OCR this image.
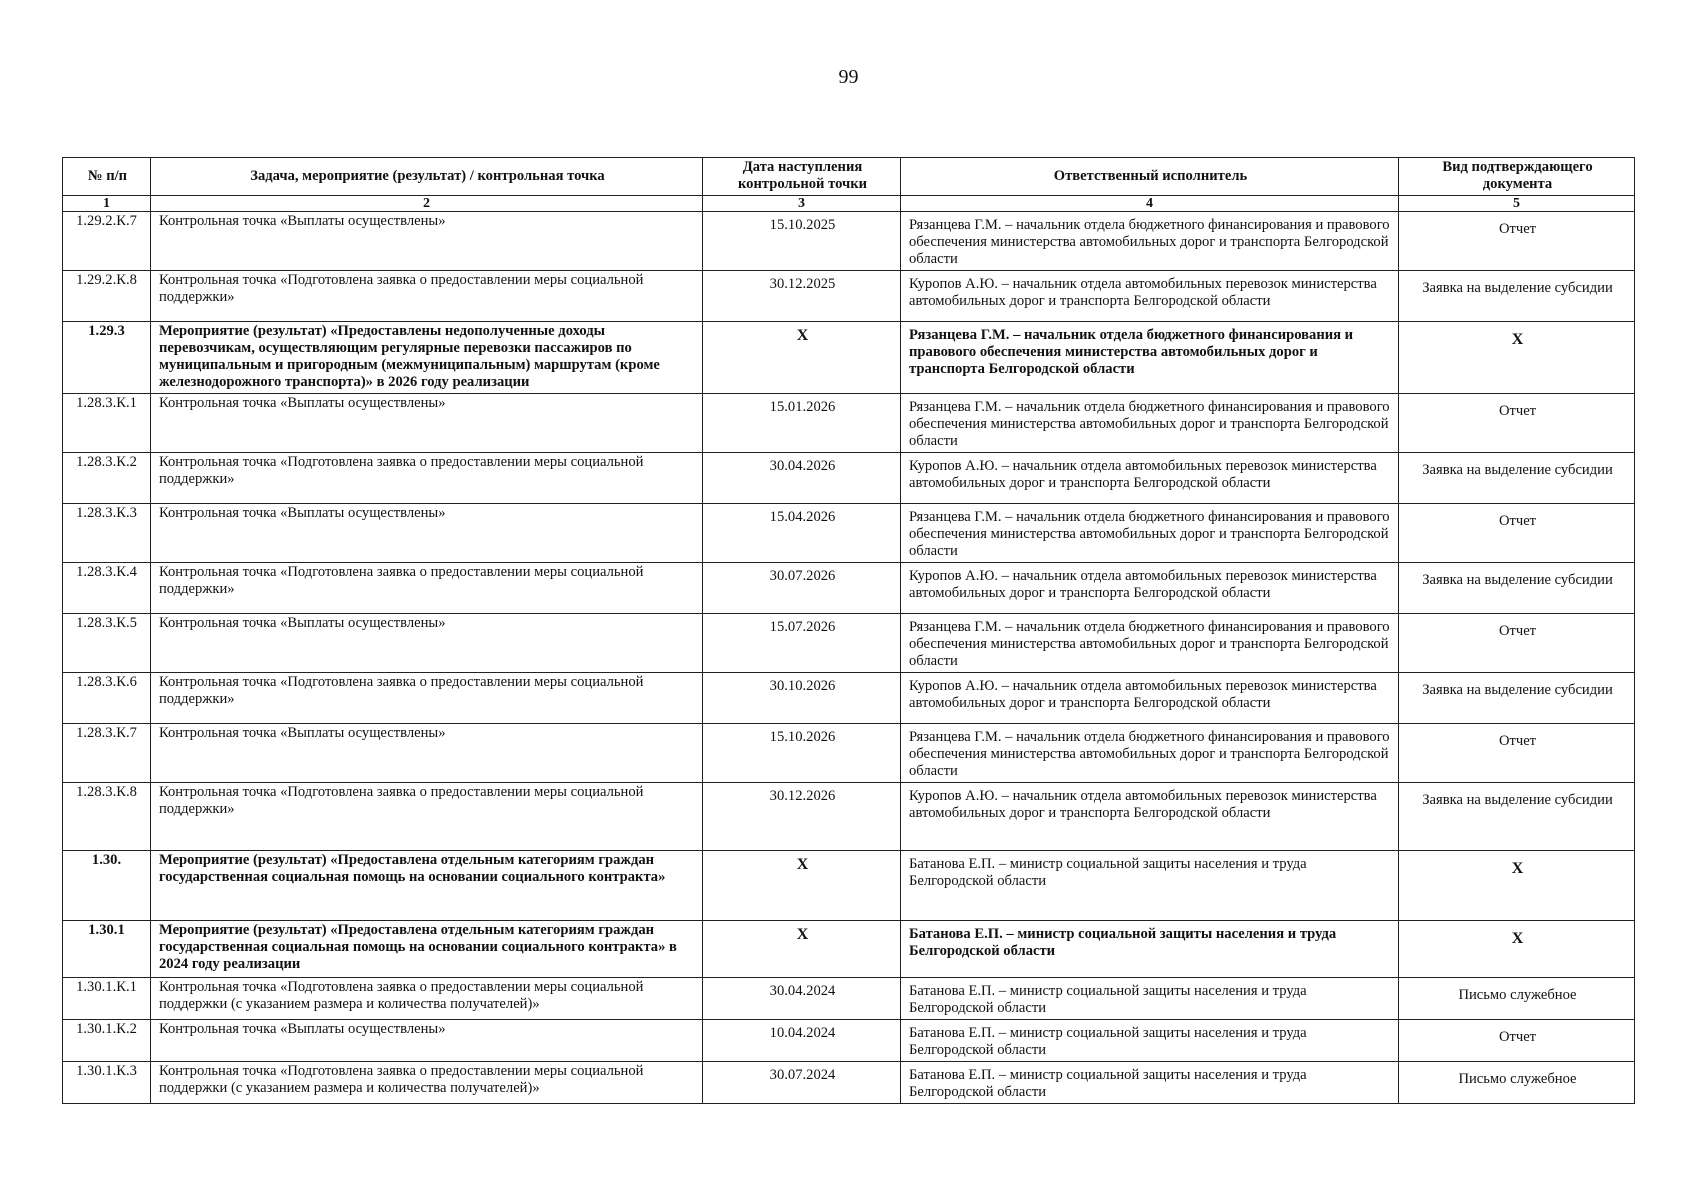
99
№ п/п	Задача, мероприятие (результат) / контрольная точка	Дата наступления контрольной точки	Ответственный исполнитель	Вид подтверждающего документа
1	2	3	4	5
1.29.2.К.7	Контрольная точка «Выплаты осуществлены»	15.10.2025	Рязанцева Г.М. – начальник отдела бюджетного финансирования и правового обеспечения министерства автомобильных дорог и транспорта Белгородской области	Отчет
1.29.2.К.8	Контрольная точка «Подготовлена заявка о предоставлении меры социальной поддержки»	30.12.2025	Куропов А.Ю. – начальник отдела автомобильных перевозок министерства автомобильных дорог и транспорта Белгородской области	Заявка на выделение субсидии
1.29.3	Мероприятие (результат) «Предоставлены недополученные доходы перевозчикам, осуществляющим регулярные перевозки пассажиров по муниципальным и пригородным (межмуниципальным) маршрутам (кроме железнодорожного транспорта)» в 2026 году реализации	X	Рязанцева Г.М. – начальник отдела бюджетного финансирования и правового обеспечения министерства автомобильных дорог и транспорта Белгородской области	X
1.28.3.К.1	Контрольная точка «Выплаты осуществлены»	15.01.2026	Рязанцева Г.М. – начальник отдела бюджетного финансирования и правового обеспечения министерства автомобильных дорог и транспорта Белгородской области	Отчет
1.28.3.К.2	Контрольная точка «Подготовлена заявка о предоставлении меры социальной поддержки»	30.04.2026	Куропов А.Ю. – начальник отдела автомобильных перевозок министерства автомобильных дорог и транспорта Белгородской области	Заявка на выделение субсидии
1.28.3.К.3	Контрольная точка «Выплаты осуществлены»	15.04.2026	Рязанцева Г.М. – начальник отдела бюджетного финансирования и правового обеспечения министерства автомобильных дорог и транспорта Белгородской области	Отчет
1.28.3.К.4	Контрольная точка «Подготовлена заявка о предоставлении меры социальной поддержки»	30.07.2026	Куропов А.Ю. – начальник отдела автомобильных перевозок министерства автомобильных дорог и транспорта Белгородской области	Заявка на выделение субсидии
1.28.3.К.5	Контрольная точка «Выплаты осуществлены»	15.07.2026	Рязанцева Г.М. – начальник отдела бюджетного финансирования и правового обеспечения министерства автомобильных дорог и транспорта Белгородской области	Отчет
1.28.3.К.6	Контрольная точка «Подготовлена заявка о предоставлении меры социальной поддержки»	30.10.2026	Куропов А.Ю. – начальник отдела автомобильных перевозок министерства автомобильных дорог и транспорта Белгородской области	Заявка на выделение субсидии
1.28.3.К.7	Контрольная точка «Выплаты осуществлены»	15.10.2026	Рязанцева Г.М. – начальник отдела бюджетного финансирования и правового обеспечения министерства автомобильных дорог и транспорта Белгородской области	Отчет
1.28.3.К.8	Контрольная точка «Подготовлена заявка о предоставлении меры социальной поддержки»	30.12.2026	Куропов А.Ю. – начальник отдела автомобильных перевозок министерства автомобильных дорог и транспорта Белгородской области	Заявка на выделение субсидии
1.30.	Мероприятие (результат) «Предоставлена отдельным категориям граждан государственная социальная помощь на основании социального контракта»	X	Батанова Е.П. – министр социальной защиты населения и труда Белгородской области	X
1.30.1	Мероприятие (результат) «Предоставлена отдельным категориям граждан государственная социальная помощь на основании социального контракта» в 2024 году реализации	X	Батанова Е.П. – министр социальной защиты населения и труда Белгородской области	X
1.30.1.К.1	Контрольная точка «Подготовлена заявка о предоставлении меры социальной поддержки (с указанием размера и количества получателей)»	30.04.2024	Батанова Е.П. – министр социальной защиты населения и труда Белгородской области	Письмо служебное
1.30.1.К.2	Контрольная точка «Выплаты осуществлены»	10.04.2024	Батанова Е.П. – министр социальной защиты населения и труда Белгородской области	Отчет
1.30.1.К.3	Контрольная точка «Подготовлена заявка о предоставлении меры социальной поддержки (с указанием размера и количества получателей)»	30.07.2024	Батанова Е.П. – министр социальной защиты населения и труда Белгородской области	Письмо служебное
